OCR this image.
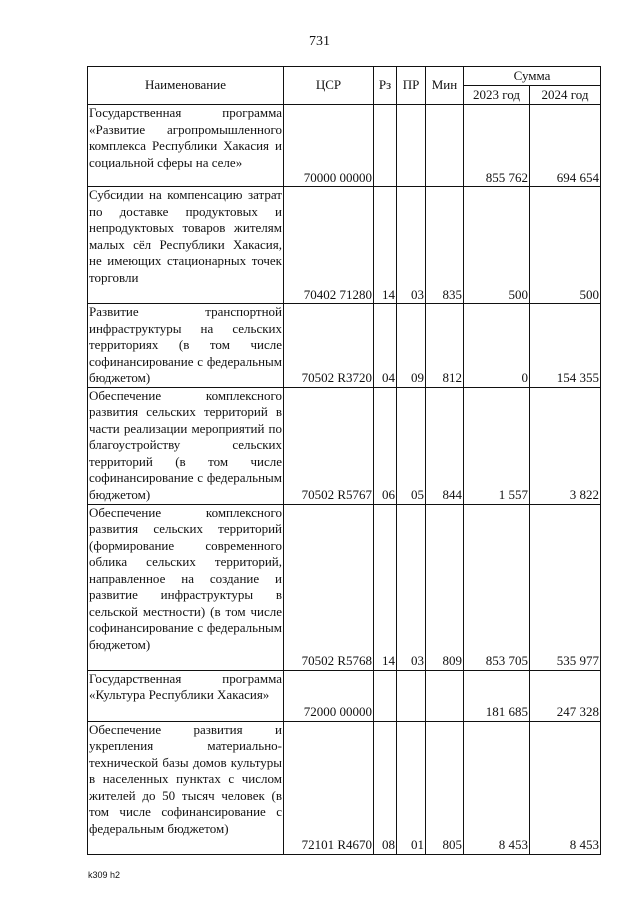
731
Наименование	ЦСР	Рз	ПР	Мин	Сумма	
					2023 год	2024 год
Государственная программа «Развитие агропромышленного комплекса Республики Хакасия и социальной сферы на селе»	70000 00000				855 762	694 654
Субсидии на компенсацию затрат по доставке продуктовых и непродуктовых товаров жителям малых сёл Республики Хакасия, не имеющих стационарных точек торговли	70402 71280	14	03	835	500	500
Развитие транспортной инфраструктуры на сельских территориях (в том числе софинансирование с федеральным бюджетом)	70502 R3720	04	09	812	0	154 355
Обеспечение комплексного развития сельских территорий в части реализации мероприятий по благоустройству сельских территорий (в том числе софинансирование с федеральным бюджетом)	70502 R5767	06	05	844	1 557	3 822
Обеспечение комплексного развития сельских территорий (формирование современного облика сельских территорий, направленное на создание и развитие инфраструктуры в сельской местности) (в том числе софинансирование с федеральным бюджетом)	70502 R5768	14	03	809	853 705	535 977
Государственная программа «Культура Республики Хакасия»	72000 00000				181 685	247 328
Обеспечение развития и укрепления материально-технической базы домов культуры в населенных пунктах с числом жителей до 50 тысяч человек (в том числе софинансирование с федеральным бюджетом)	72101 R4670	08	01	805	8 453	8 453
k309 h2
